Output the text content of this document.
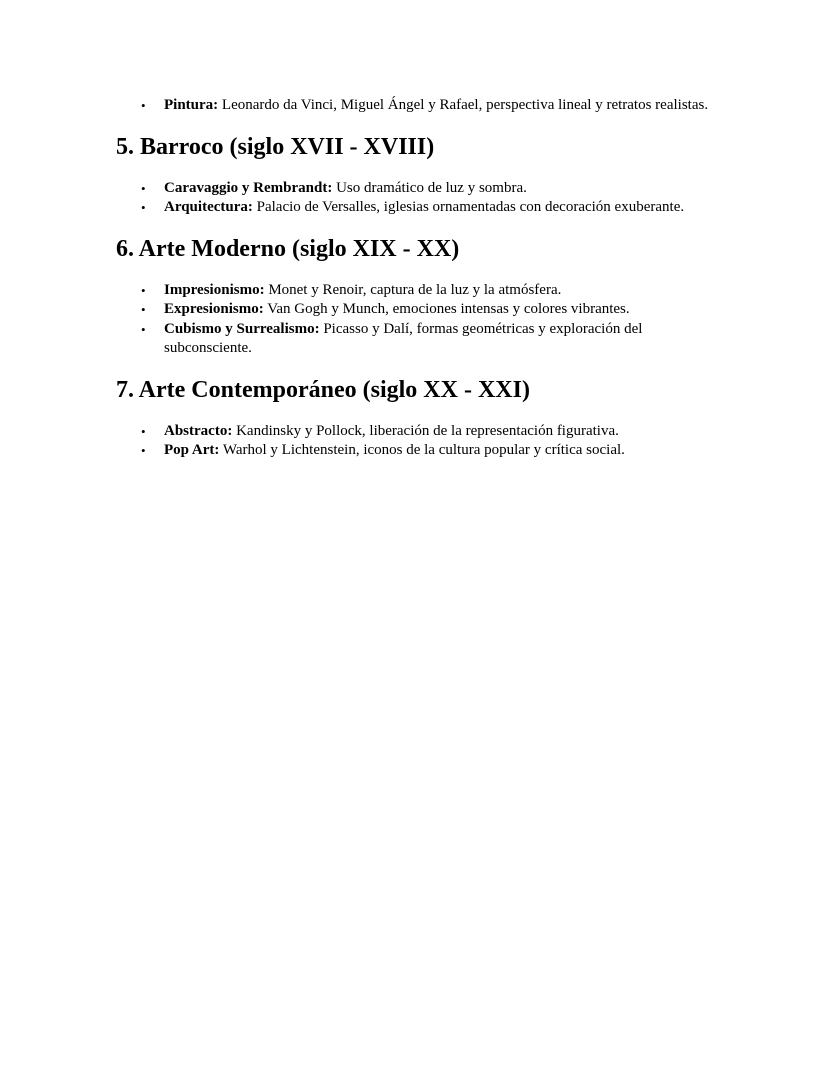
• Pintura: Leonardo da Vinci, Miguel Ángel y Rafael, perspectiva lineal y retratos realistas.
5. Barroco (siglo XVII - XVIII)
• Caravaggio y Rembrandt: Uso dramático de luz y sombra.
• Arquitectura: Palacio de Versalles, iglesias ornamentadas con decoración exuberante.
6. Arte Moderno (siglo XIX - XX)
• Impresionismo: Monet y Renoir, captura de la luz y la atmósfera.
• Expresionismo: Van Gogh y Munch, emociones intensas y colores vibrantes.
• Cubismo y Surrealismo: Picasso y Dalí, formas geométricas y exploración del subconsciente.
7. Arte Contemporáneo (siglo XX - XXI)
• Abstracto: Kandinsky y Pollock, liberación de la representación figurativa.
• Pop Art: Warhol y Lichtenstein, iconos de la cultura popular y crítica social.
